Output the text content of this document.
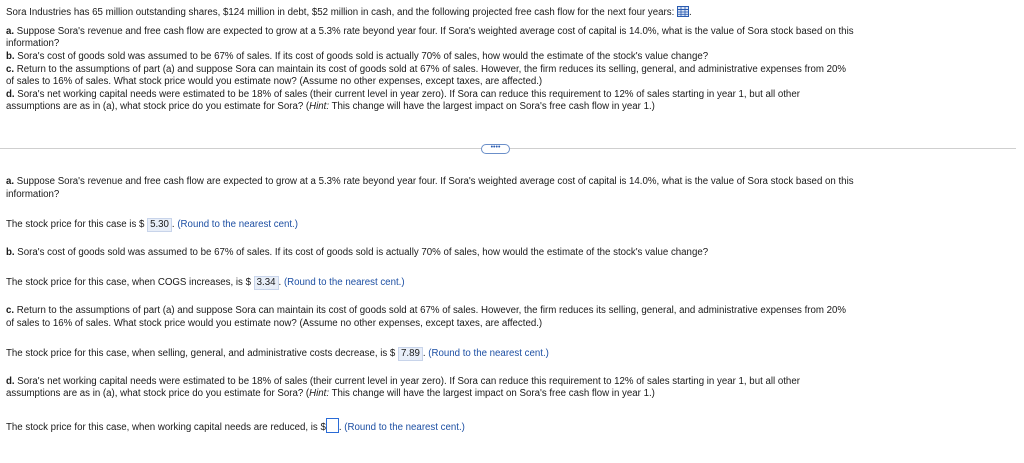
Sora Industries has 65 million outstanding shares, $124 million in debt, $52 million in cash, and the following projected free cash flow for the next four years: .
a. Suppose Sora's revenue and free cash flow are expected to grow at a 5.3% rate beyond year four. If Sora's weighted average cost of capital is 14.0%, what is the value of Sora stock based on this
information?
b. Sora's cost of goods sold was assumed to be 67% of sales. If its cost of goods sold is actually 70% of sales, how would the estimate of the stock's value change?
c. Return to the assumptions of part (a) and suppose Sora can maintain its cost of goods sold at 67% of sales. However, the firm reduces its selling, general, and administrative expenses from 20%
of sales to 16% of sales. What stock price would you estimate now? (Assume no other expenses, except taxes, are affected.)
d. Sora's net working capital needs were estimated to be 18% of sales (their current level in year zero). If Sora can reduce this requirement to 12% of sales starting in year 1, but all other
assumptions are as in (a), what stock price do you estimate for Sora? (Hint: This change will have the largest impact on Sora's free cash flow in year 1.)
••••
a. Suppose Sora's revenue and free cash flow are expected to grow at a 5.3% rate beyond year four. If Sora's weighted average cost of capital is 14.0%, what is the value of Sora stock based on this
information?
The stock price for this case is $ 5.30 . (Round to the nearest cent.)
b. Sora's cost of goods sold was assumed to be 67% of sales. If its cost of goods sold is actually 70% of sales, how would the estimate of the stock's value change?
The stock price for this case, when COGS increases, is $ 3.34 . (Round to the nearest cent.)
c. Return to the assumptions of part (a) and suppose Sora can maintain its cost of goods sold at 67% of sales. However, the firm reduces its selling, general, and administrative expenses from 20%
of sales to 16% of sales. What stock price would you estimate now? (Assume no other expenses, except taxes, are affected.)
The stock price for this case, when selling, general, and administrative costs decrease, is $ 7.89 . (Round to the nearest cent.)
d. Sora's net working capital needs were estimated to be 18% of sales (their current level in year zero). If Sora can reduce this requirement to 12% of sales starting in year 1, but all other
assumptions are as in (a), what stock price do you estimate for Sora? (Hint: This change will have the largest impact on Sora's free cash flow in year 1.)
The stock price for this case, when working capital needs are reduced, is $ . (Round to the nearest cent.)
